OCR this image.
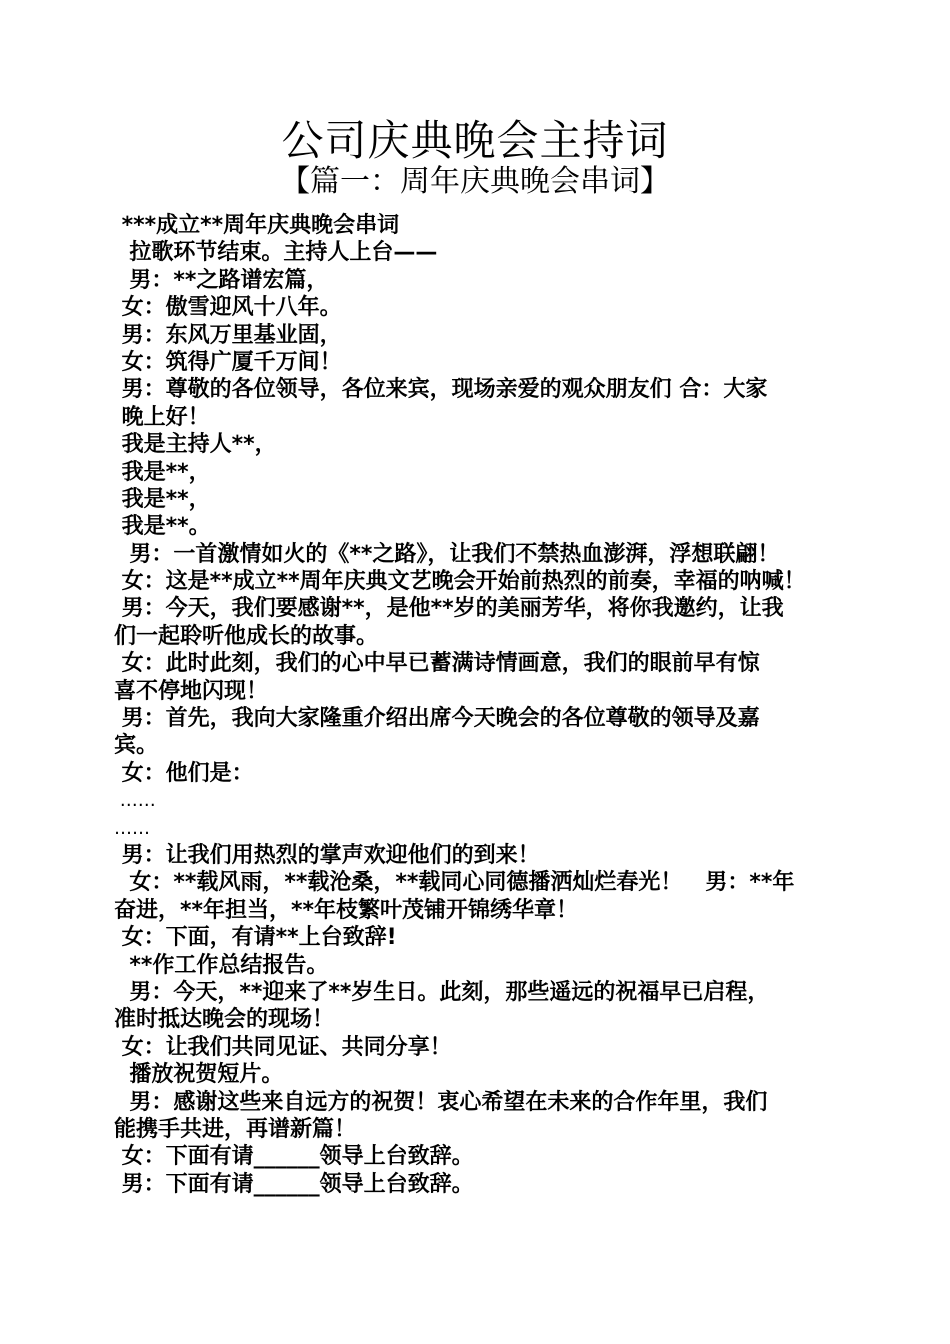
公司庆典晚会主持词
【篇一：周年庆典晚会串词】
***成立**周年庆典晚会串词
拉歌环节结束。主持人上台——
男：**之路谱宏篇，
女：傲雪迎风十八年。
男：东风万里基业固，
女：筑得广厦千万间！
男：尊敬的各位领导，各位来宾，现场亲爱的观众朋友们 合：大家
晚上好！
我是主持人**，
我是**，
我是**，
我是**。
男：一首激情如火的《**之路》，让我们不禁热血澎湃，浮想联翩！
女：这是**成立**周年庆典文艺晚会开始前热烈的前奏，幸福的呐喊！
男：今天，我们要感谢**，是他**岁的美丽芳华，将你我邀约，让我
们一起聆听他成长的故事。
女：此时此刻，我们的心中早已蓄满诗情画意，我们的眼前早有惊
喜不停地闪现！
男：首先，我向大家隆重介绍出席今天晚会的各位尊敬的领导及嘉
宾。
女：他们是：
……
……
男：让我们用热烈的掌声欢迎他们的到来！
女：**载风雨，**载沧桑，**载同心同德播洒灿烂春光！   男：**年
奋进，**年担当，**年枝繁叶茂铺开锦绣华章！
女：下面，有请**上台致辞!
**作工作总结报告。
男：今天，**迎来了**岁生日。此刻，那些遥远的祝福早已启程，
准时抵达晚会的现场！
女：让我们共同见证、共同分享！
播放祝贺短片。
男：感谢这些来自远方的祝贺！衷心希望在未来的合作年里，我们
能携手共进，再谱新篇！
女：下面有请______领导上台致辞。
男：下面有请______领导上台致辞。
